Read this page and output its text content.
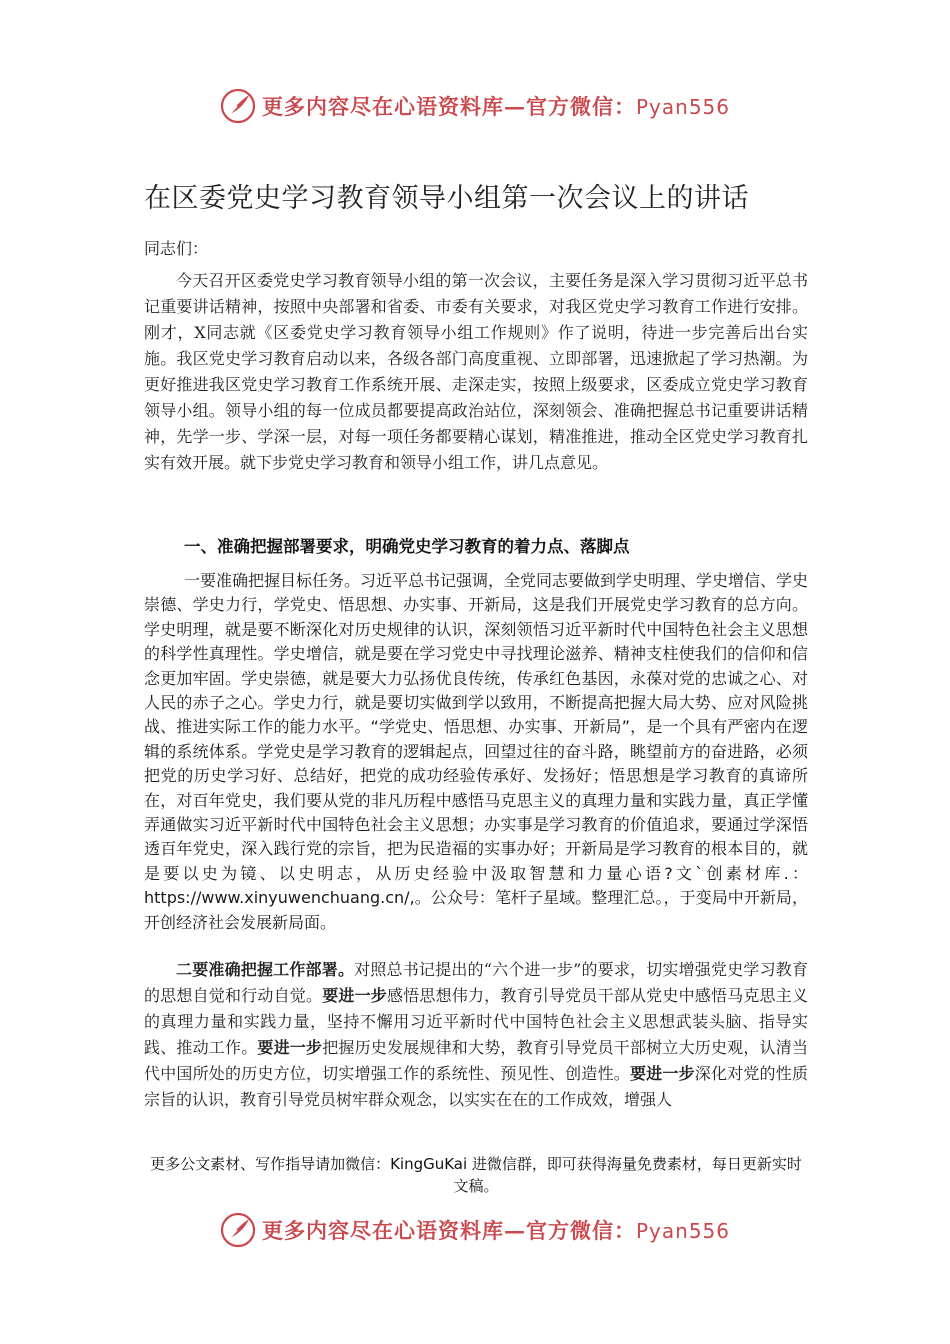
更多内容尽在心语资料库—官方微信：Pyan556
在区委党史学习教育领导小组第一次会议上的讲话
同志们：

今天召开区委党史学习教育领导小组的第一次会议，主要任务是深入学习贯彻习近平总书记重要讲话精神，按照中央部署和省委、市委有关要求，对我区党史学习教育工作进行安排。刚才，X同志就《区委党史学习教育领导小组工作规则》作了说明，待进一步完善后出台实施。我区党史学习教育启动以来，各级各部门高度重视、立即部署，迅速掀起了学习热潮。为更好推进我区党史学习教育工作系统开展、走深走实，按照上级要求，区委成立党史学习教育领导小组。领导小组的每一位成员都要提高政治站位，深刻领会、准确把握总书记重要讲话精神，先学一步、学深一层，对每一项任务都要精心谋划，精准推进，推动全区党史学习教育扎实有效开展。就下步党史学习教育和领导小组工作，讲几点意见。

一、准确把握部署要求，明确党史学习教育的着力点、落脚点

一要准确把握目标任务。习近平总书记强调，全党同志要做到学史明理、学史增信、学史崇德、学史力行，学党史、悟思想、办实事、开新局，这是我们开展党史学习教育的总方向。学史明理，就是要不断深化对历史规律的认识，深刻领悟习近平新时代中国特色社会主义思想的科学性真理性。学史增信，就是要在学习党史中寻找理论滋养、精神支柱使我们的信仰和信念更加牢固。学史崇德，就是要大力弘扬优良传统，传承红色基因，永葆对党的忠诚之心、对人民的赤子之心。学史力行，就是要切实做到学以致用，不断提高把握大局大势、应对风险挑战、推进实际工作的能力水平。“学党史、悟思想、办实事、开新局”，是一个具有严密内在逻辑的系统体系。学党史是学习教育的逻辑起点，回望过往的奋斗路，眺望前方的奋进路，必须把党的历史学习好、总结好，把党的成功经验传承好、发扬好；悟思想是学习教育的真谛所在，对百年党史，我们要从党的非凡历程中感悟马克思主义的真理力量和实践力量，真正学懂弄通做实习近平新时代中国特色社会主义思想；办实事是学习教育的价值追求，要通过学深悟透百年党史，深入践行党的宗旨，把为民造福的实事办好；开新局是学习教育的根本目的，就是要以史为镜、以史明志，从历史经验中汲取智慧和力量心语?文`创素材库.：https://www.xinyuwenchuang.cn/,。公众号：笔杆子星域。整理汇总。，于变局中开新局，开创经济社会发展新局面。

二要准确把握工作部署。对照总书记提出的“六个进一步”的要求，切实增强党史学习教育的思想自觉和行动自觉。要进一步感悟思想伟力，教育引导党员干部从党史中感悟马克思主义的真理力量和实践力量，坚持不懈用习近平新时代中国特色社会主义思想武装头脑、指导实践、推动工作。要进一步把握历史发展规律和大势，教育引导党员干部树立大历史观，认清当代中国所处的历史方位，切实增强工作的系统性、预见性、创造性。要进一步深化对党的性质宗旨的认识，教育引导党员树牢群众观念，以实实在在的工作成效，增强人

更多公文素材、写作指导请加微信：KingGuKai 进微信群，即可获得海量免费素材，每日更新实时文稿。

更多内容尽在心语资料库—官方微信：Pyan556
